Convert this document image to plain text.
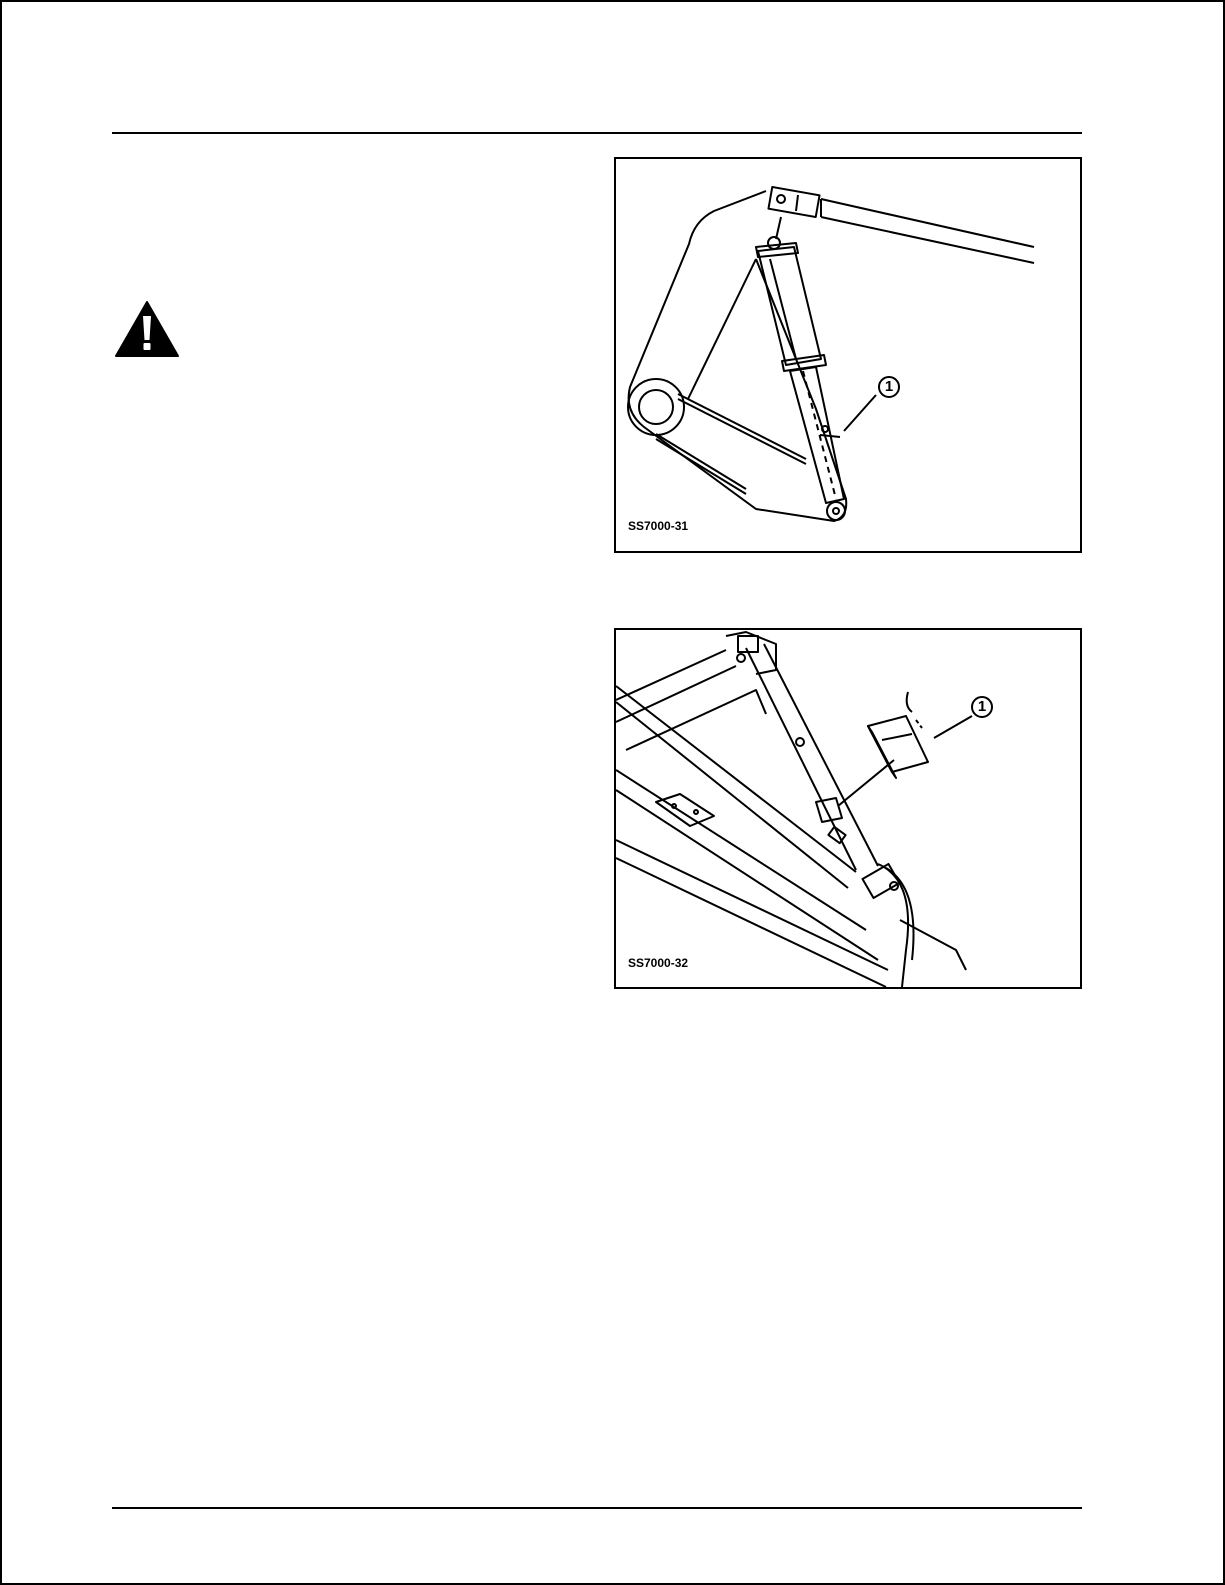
1
SS7000-31
1
SS7000-32
